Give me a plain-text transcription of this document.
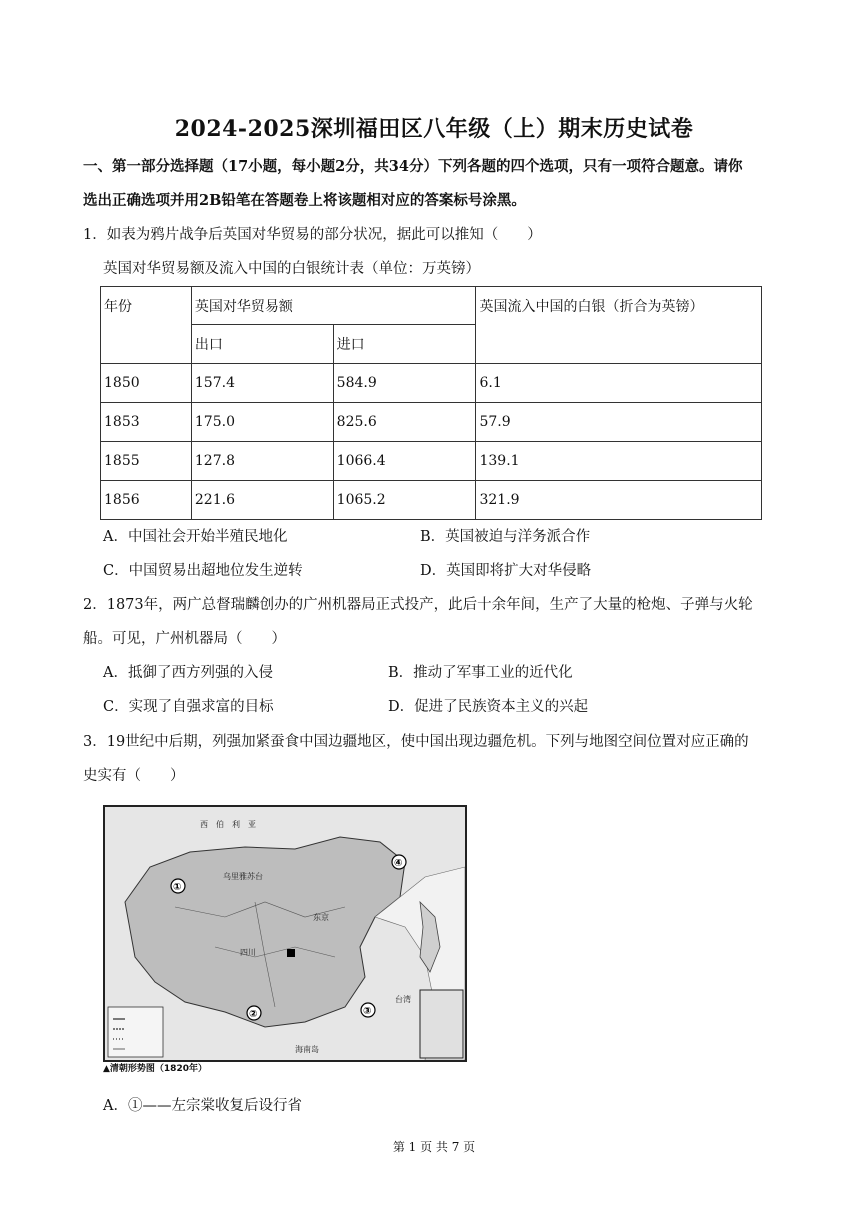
2024-2025深圳福田区八年级（上）期末历史试卷
一、第一部分选择题（17小题，每小题2分，共34分）下列各题的四个选项，只有一项符合题意。请你
选出正确选项并用2B铅笔在答题卷上将该题相对应的答案标号涂黑。
1．如表为鸦片战争后英国对华贸易的部分状况，据此可以推知（　　）
英国对华贸易额及流入中国的白银统计表（单位：万英镑）
年份	英国对华贸易额		英国流入中国的白银（折合为英镑）
	出口	进口	
1850	157.4	584.9	6.1
1853	175.0	825.6	57.9
1855	127.8	1066.4	139.1
1856	221.6	1065.2	321.9
A．中国社会开始半殖民地化	B．英国被迫与洋务派合作
C．中国贸易出超地位发生逆转	D．英国即将扩大对华侵略
2．1873年，两广总督瑞麟创办的广州机器局正式投产，此后十余年间，生产了大量的枪炮、子弹与火轮
船。可见，广州机器局（　　）
A．抵御了西方列强的入侵	B．推动了军事工业的近代化
C．实现了自强求富的目标	D．促进了民族资本主义的兴起
3．19世纪中后期，列强加紧蚕食中国边疆地区，使中国出现边疆危机。下列与地图空间位置对应正确的
史实有（　　）
西　伯　利　亚
乌里雅苏台
东京
四川
台湾
海南岛
①
②	③
④
▲清朝形势图（1820年）
A．①——左宗棠收复后设行省
第 1 页 共 7 页
